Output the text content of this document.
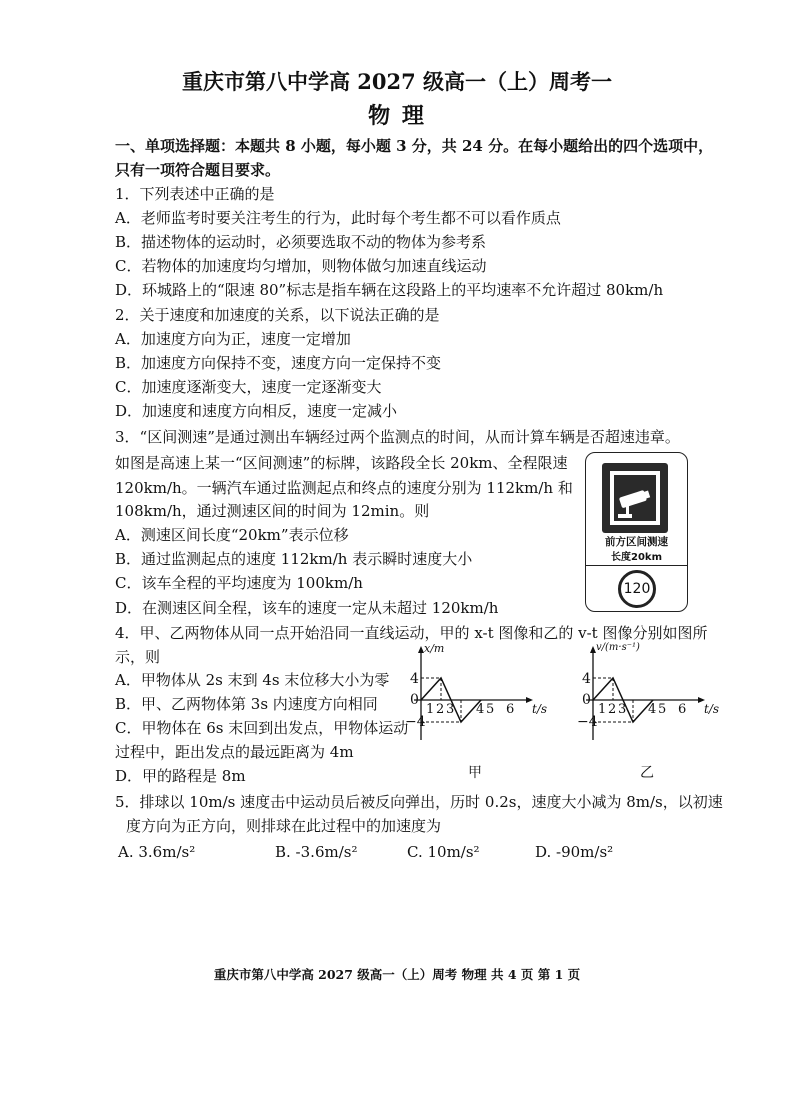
重庆市第八中学高 2027 级高一（上）周考一
物 理
一、单项选择题：本题共 8 小题，每小题 3 分，共 24 分。在每小题给出的四个选项中，
只有一项符合题目要求。
1．下列表述中正确的是
A．老师监考时要关注考生的行为，此时每个考生都不可以看作质点
B．描述物体的运动时，必须要选取不动的物体为参考系
C．若物体的加速度均匀增加，则物体做匀加速直线运动
D．环城路上的“限速 80”标志是指车辆在这段路上的平均速率不允许超过 80km/h
2．关于速度和加速度的关系，以下说法正确的是
A．加速度方向为正，速度一定增加
B．加速度方向保持不变，速度方向一定保持不变
C．加速度逐渐变大，速度一定逐渐变大
D．加速度和速度方向相反，速度一定减小
3．“区间测速”是通过测出车辆经过两个监测点的时间，从而计算车辆是否超速违章。
如图是高速上某一“区间测速”的标牌，该路段全长 20km、全程限速
120km/h。一辆汽车通过监测起点和终点的速度分别为 112km/h 和
108km/h，通过测速区间的时间为 12min。则
A．测速区间长度“20km”表示位移
B．通过监测起点的速度 112km/h 表示瞬时速度大小
C．该车全程的平均速度为 100km/h
D．在测速区间全程，该车的速度一定从未超过 120km/h
前方区间测速
长度20km
120
4．甲、乙两物体从同一点开始沿同一直线运动，甲的 x-t 图像和乙的 v-t 图像分别如图所
示，则
A．甲物体从 2s 末到 4s 末位移大小为零
B．甲、乙两物体第 3s 内速度方向相同
C．甲物体在 6s 末回到出发点，甲物体运动
过程中，距出发点的最远距离为 4m
D．甲的路程是 8m
x/m
4
0
−4
1 2 3 4 5 6 t/s
甲
v/(m·s⁻¹)
4
0
−4
1 2 3 4 5 6 t/s
乙
5．排球以 10m/s 速度击中运动员后被反向弹出，历时 0.2s，速度大小减为 8m/s，以初速
度方向为正方向，则排球在此过程中的加速度为
A. 3.6m/s²	B. -3.6m/s²	C. 10m/s²	D. -90m/s²
重庆市第八中学高 2027 级高一（上）周考 物理 共 4 页 第 1 页
